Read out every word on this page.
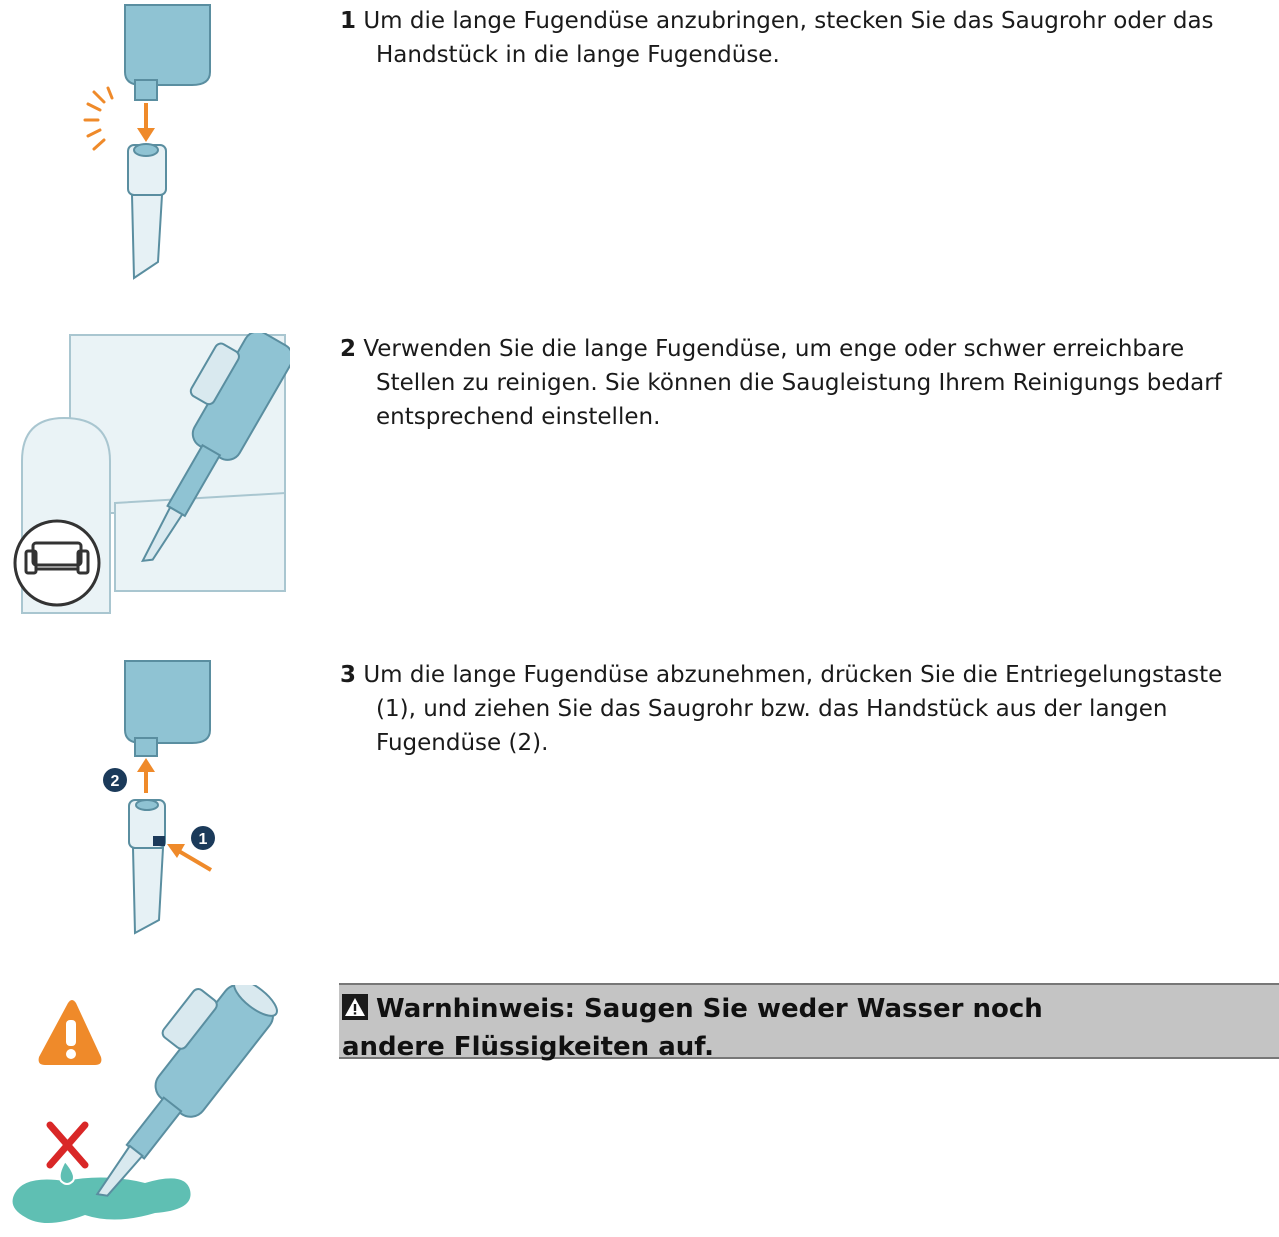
2
1
1 Um die lange Fugendüse anzubringen, stecken Sie das Saugrohr oder das
Handstück in die lange Fugendüse.
2 Verwenden Sie die lange Fugendüse, um enge oder schwer erreichbare
Stellen zu reinigen. Sie können die Saugleistung Ihrem Reinigungs bedarf
entsprechend einstellen.
3 Um die lange Fugendüse abzunehmen, drücken Sie die Entriegelungstaste
(1), und ziehen Sie das Saugrohr bzw. das Handstück aus der langen
Fugendüse (2).
Warnhinweis: Saugen Sie weder Wasser noch andere Flüssigkeiten auf.
